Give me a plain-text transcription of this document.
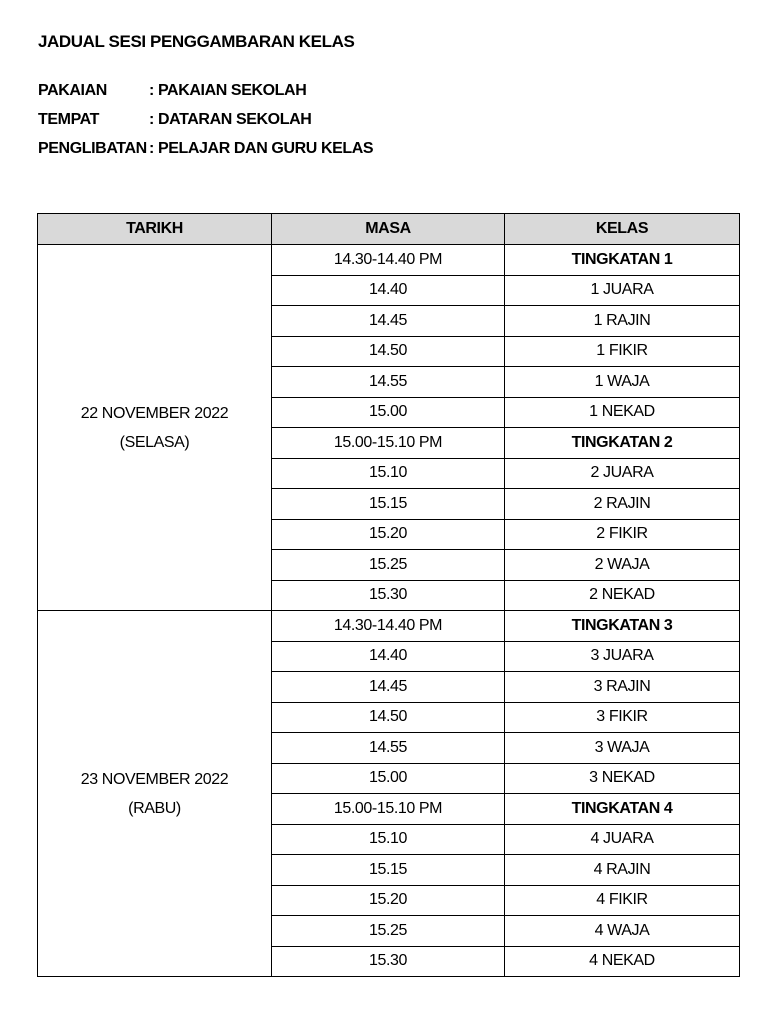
JADUAL SESI PENGGAMBARAN KELAS
PAKAIAN	: PAKAIAN SEKOLAH
TEMPAT	: DATARAN SEKOLAH
PENGLIBATAN : PELAJAR DAN GURU KELAS
TARIKH	MASA	KELAS

22 NOVEMBER 2022
(SELASA)	14.30-14.40 PM	TINGKATAN 1
	14.40	1 JUARA
	14.45	1 RAJIN
	14.50	1 FIKIR
	14.55	1 WAJA
	15.00	1 NEKAD
	15.00-15.10 PM	TINGKATAN 2
	15.10	2 JUARA
	15.15	2 RAJIN
	15.20	2 FIKIR
	15.25	2 WAJA
	15.30	2 NEKAD

23 NOVEMBER 2022
(RABU)	14.30-14.40 PM	TINGKATAN 3
	14.40	3 JUARA
	14.45	3 RAJIN
	14.50	3 FIKIR
	14.55	3 WAJA
	15.00	3 NEKAD
	15.00-15.10 PM	TINGKATAN 4
	15.10	4 JUARA
	15.15	4 RAJIN
	15.20	4 FIKIR
	15.25	4 WAJA
	15.30	4 NEKAD
